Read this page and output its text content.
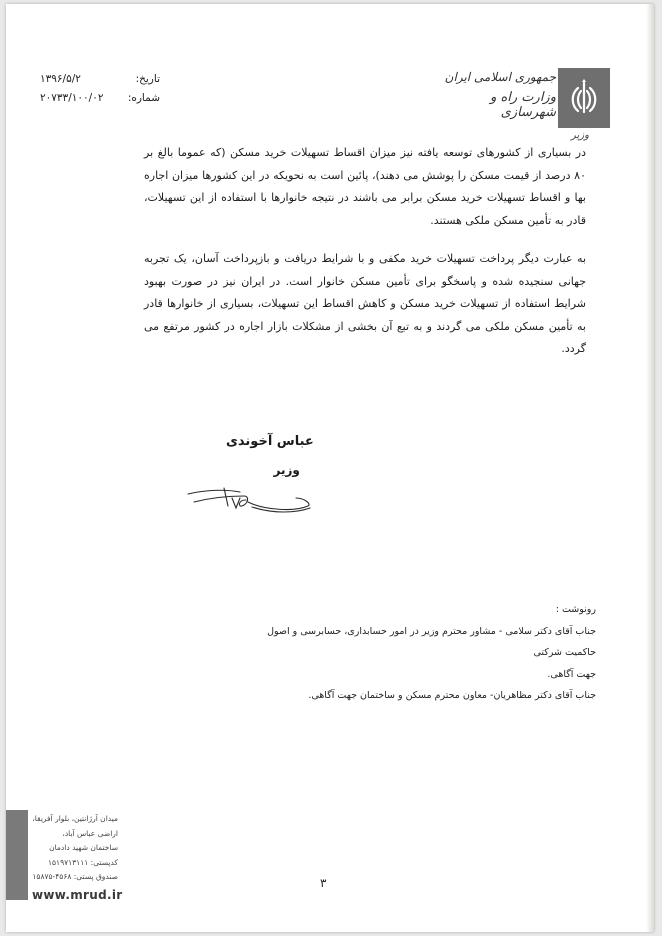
جمهوری اسلامی ایران
وزارت راه و شهرسازی
وزیر
تاریخ:
۱۳۹۶/۵/۲
شماره:
۲۰۷۳۳/۱۰۰/۰۲

در بسیاری از کشورهای توسعه یافته نیز میزان اقساط تسهیلات خرید مسکن (که عموما بالغ بر ۸۰ درصد از قیمت مسکن را پوشش می دهند)، پائین است به نحویکه در این کشورها میزان اجاره بها و اقساط تسهیلات خرید مسکن برابر می باشند در نتیجه خانوارها با استفاده از این تسهیلات، قادر به تأمین مسکن ملکی هستند.

به عبارت دیگر پرداخت تسهیلات خرید مکفی و با شرایط دریافت و بازپرداخت آسان، یک تجربه جهانی سنجیده شده و پاسخگو برای تأمین مسکن خانوار است. در ایران نیز در صورت بهبود شرایط استفاده از تسهیلات خرید مسکن و کاهش اقساط این تسهیلات، بسیاری از خانوارها قادر به تأمین مسکن ملکی می گردند و به تبع آن بخشی از مشکلات بازار اجاره در کشور مرتفع می گردد.

عباس آخوندی
وزیر
رونوشت :
جناب آقای دکتر سلامی - مشاور محترم وزیر در امور حسابداری، حسابرسی و اصول حاکمیت شرکتی
جهت آگاهی.
جناب آقای دکتر مظاهریان- معاون محترم مسکن و ساختمان جهت آگاهی.
میدان آرژانتین، بلوار آفریقا،
اراضی عباس آباد،
ساختمان شهید دادمان
کدپستی: ۱۵۱۹۷۱۳۱۱۱
صندوق پستی: ۴۵۶۸-۱۵۸۷۵
www.mrud.ir
۳
